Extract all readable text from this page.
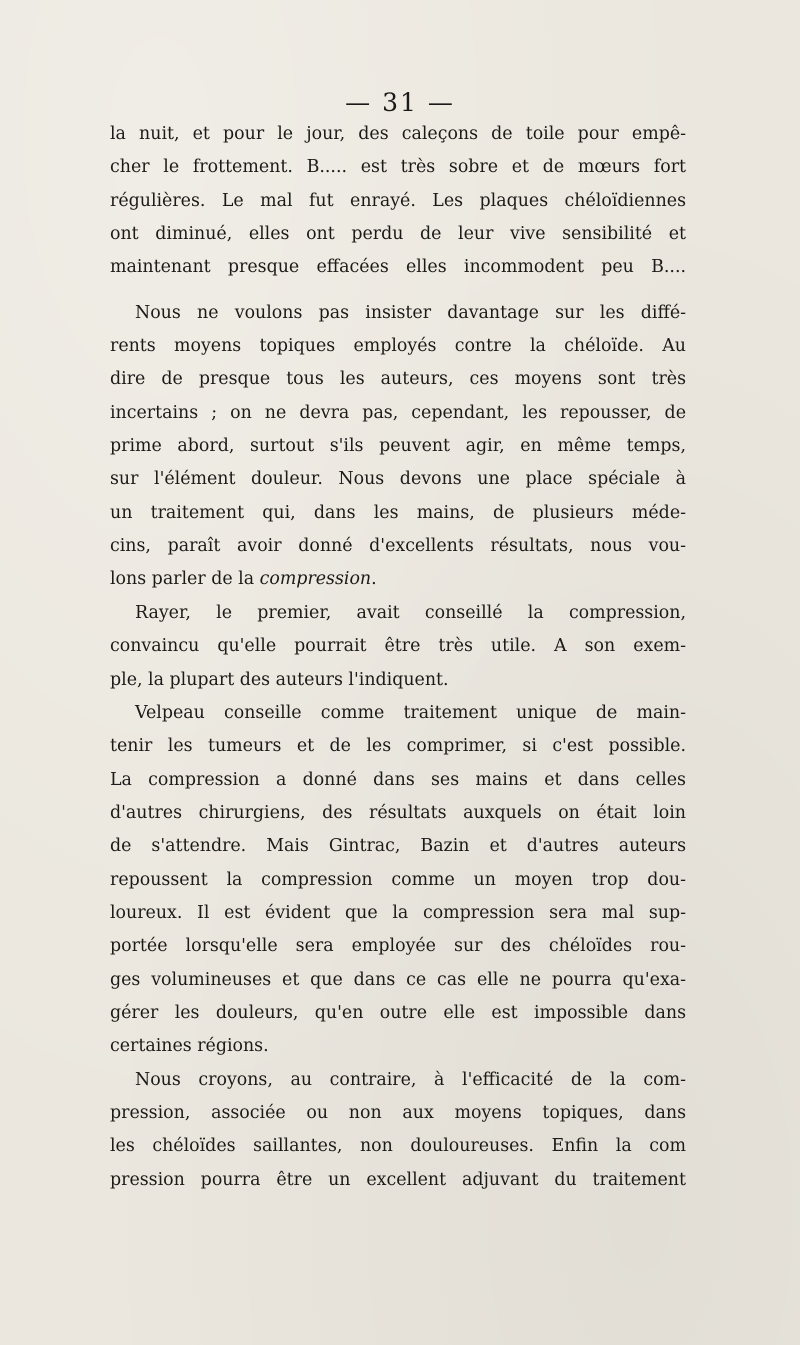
— 31 —
la nuit, et pour le jour, des caleçons de toile pour empê-
cher le frottement. B..... est très sobre et de mœurs fort
régulières. Le mal fut enrayé. Les plaques chéloïdiennes
ont diminué, elles ont perdu de leur vive sensibilité et
maintenant presque effacées elles incommodent peu B....
Nous ne voulons pas insister davantage sur les diffé-
rents moyens topiques employés contre la chéloïde. Au
dire de presque tous les auteurs, ces moyens sont très
incertains ; on ne devra pas, cependant, les repousser, de
prime abord, surtout s'ils peuvent agir, en même temps,
sur l'élément douleur. Nous devons une place spéciale à
un traitement qui, dans les mains, de plusieurs méde-
cins, paraît avoir donné d'excellents résultats, nous vou-
lons parler de la compression.
Rayer, le premier, avait conseillé la compression,
convaincu qu'elle pourrait être très utile. A son exem-
ple, la plupart des auteurs l'indiquent.
Velpeau conseille comme traitement unique de main-
tenir les tumeurs et de les comprimer, si c'est possible.
La compression a donné dans ses mains et dans celles
d'autres chirurgiens, des résultats auxquels on était loin
de s'attendre. Mais Gintrac, Bazin et d'autres auteurs
repoussent la compression comme un moyen trop dou-
loureux. Il est évident que la compression sera mal sup-
portée lorsqu'elle sera employée sur des chéloïdes rou-
ges volumineuses et que dans ce cas elle ne pourra qu'exa-
gérer les douleurs, qu'en outre elle est impossible dans
certaines régions.
Nous croyons, au contraire, à l'efficacité de la com-
pression, associée ou non aux moyens topiques, dans
les chéloïdes saillantes, non douloureuses. Enfin la com
pression pourra être un excellent adjuvant du traitement
